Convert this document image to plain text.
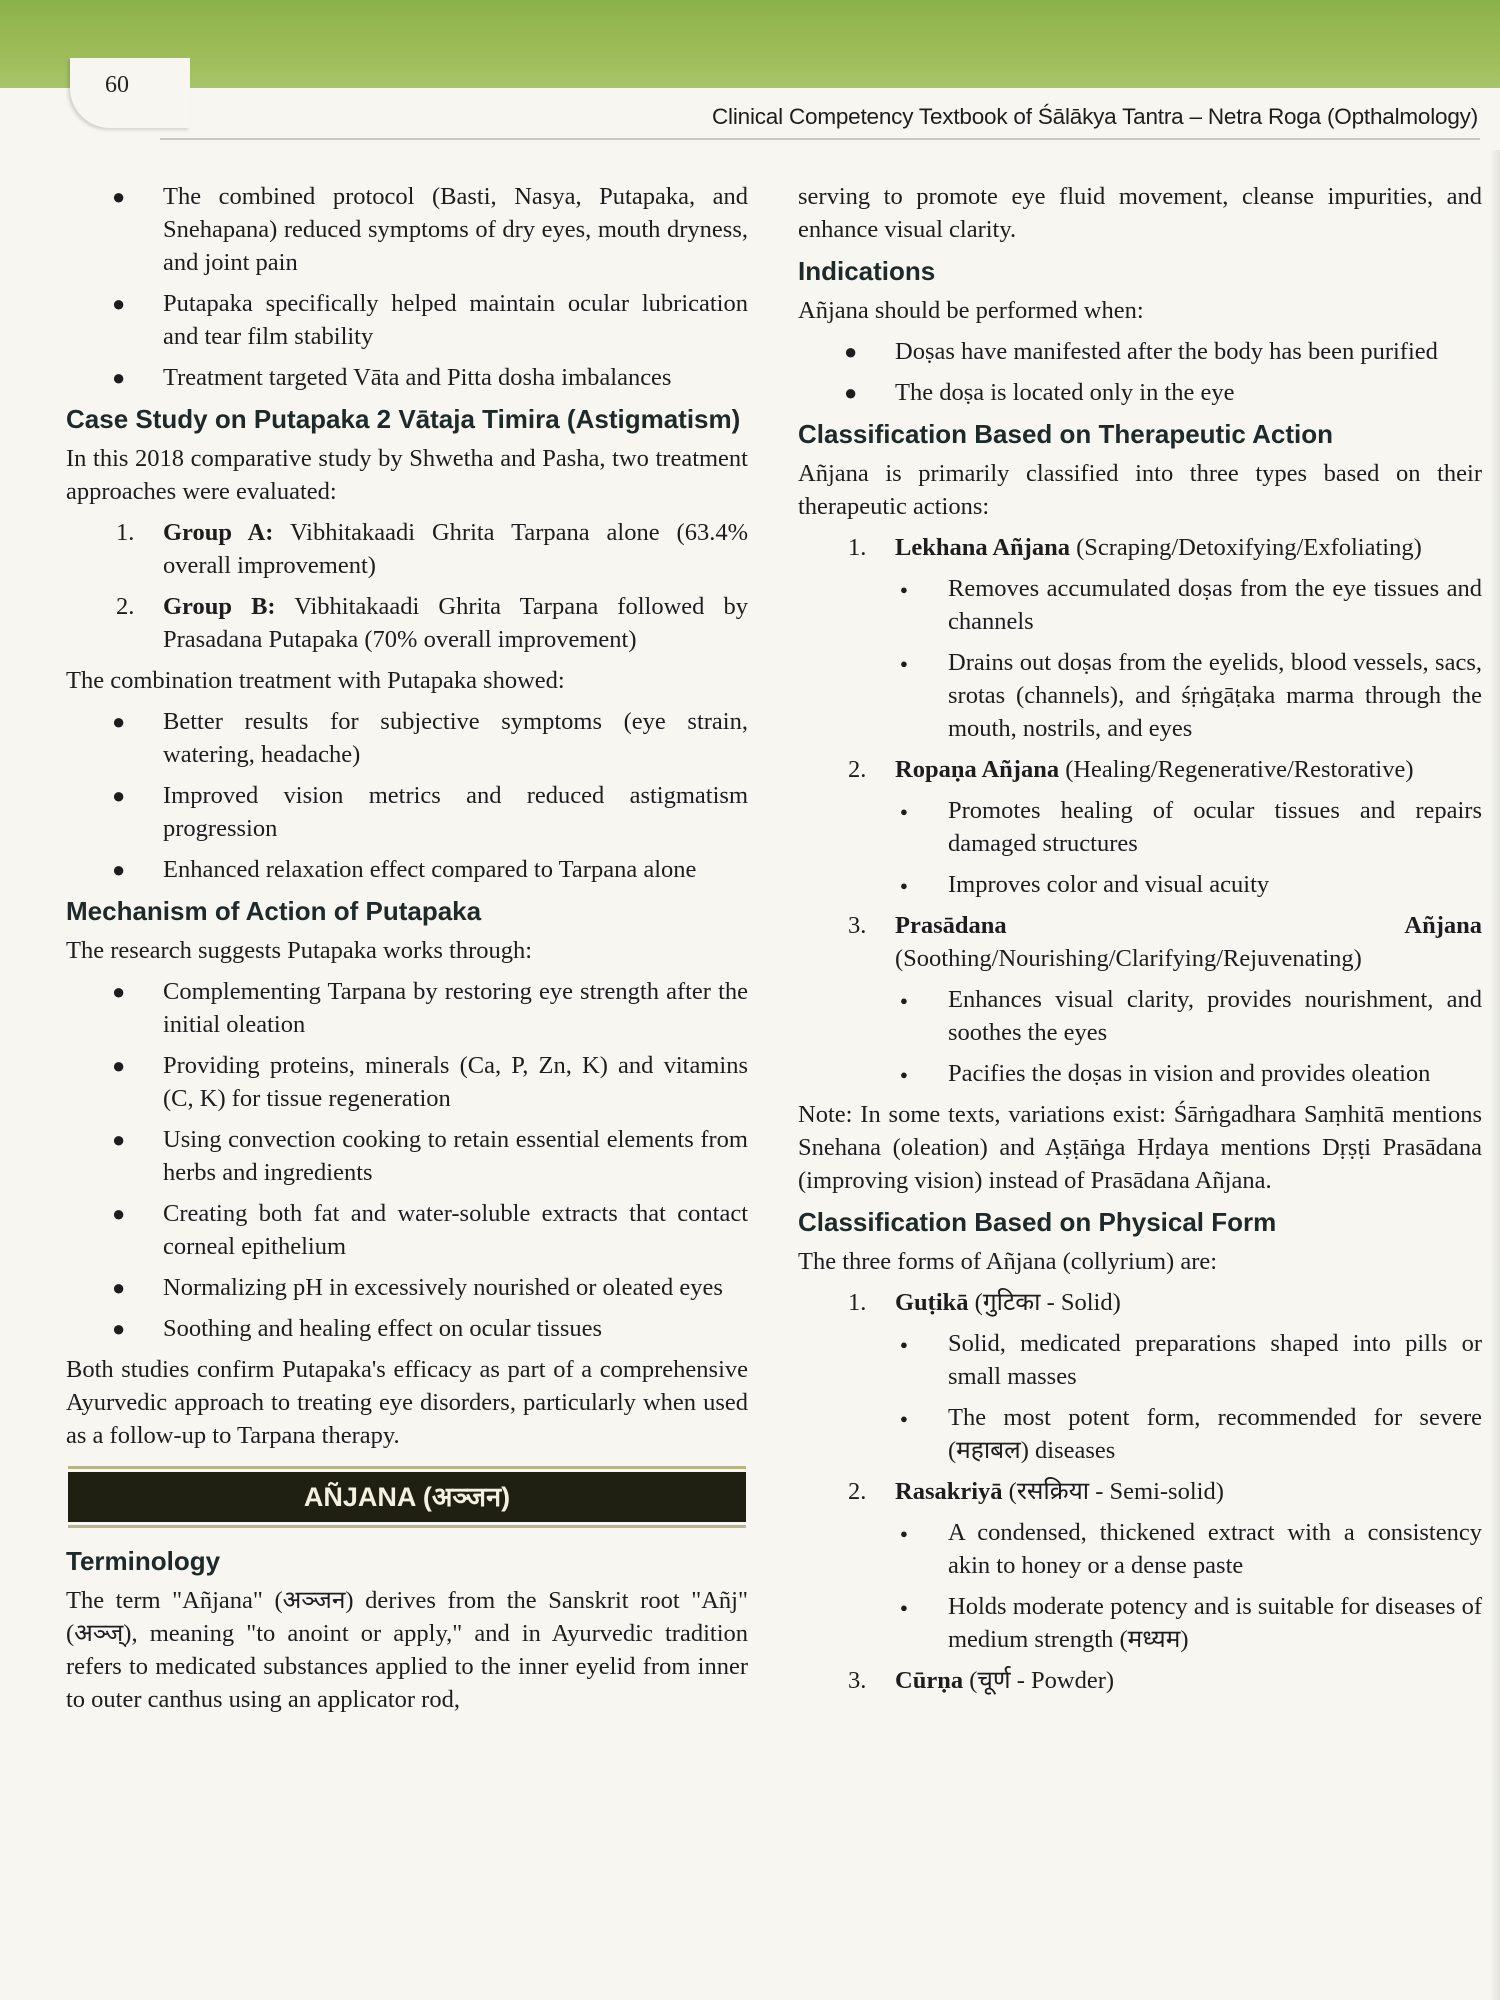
60
Clinical Competency Textbook of Śālākya Tantra – Netra Roga (Opthalmology)
● The combined protocol (Basti, Nasya, Putapaka, and Snehapana) reduced symptoms of dry eyes, mouth dryness, and joint pain
● Putapaka specifically helped maintain ocular lubrication and tear film stability
● Treatment targeted Vāta and Pitta dosha imbalances
Case Study on Putapaka 2 Vātaja Timira (Astigmatism)

In this 2018 comparative study by Shwetha and Pasha, two treatment approaches were evaluated:

1. Group A: Vibhitakaadi Ghrita Tarpana alone (63.4% overall improvement)
2. Group B: Vibhitakaadi Ghrita Tarpana followed by Prasadana Putapaka (70% overall improvement)

The combination treatment with Putapaka showed:

● Better results for subjective symptoms (eye strain, watering, headache)
● Improved vision metrics and reduced astigmatism progression
● Enhanced relaxation effect compared to Tarpana alone
Mechanism of Action of Putapaka

The research suggests Putapaka works through:

● Complementing Tarpana by restoring eye strength after the initial oleation
● Providing proteins, minerals (Ca, P, Zn, K) and vitamins (C, K) for tissue regeneration
● Using convection cooking to retain essential elements from herbs and ingredients
● Creating both fat and water-soluble extracts that contact corneal epithelium
● Normalizing pH in excessively nourished or oleated eyes
● Soothing and healing effect on ocular tissues

Both studies confirm Putapaka's efficacy as part of a comprehensive Ayurvedic approach to treating eye disorders, particularly when used as a follow-up to Tarpana therapy.

AÑJANA (अञ्जन)
Terminology

The term "Añjana" (अञ्जन) derives from the Sanskrit root "Añj" (अञ्ज्), meaning "to anoint or apply," and in Ayurvedic tradition refers to medicated substances applied to the inner eyelid from inner to outer canthus using an applicator rod,

serving to promote eye fluid movement, cleanse impurities, and enhance visual clarity.

Indications

Añjana should be performed when:

● Doṣas have manifested after the body has been purified
● The doṣa is located only in the eye
Classification Based on Therapeutic Action

Añjana is primarily classified into three types based on their therapeutic actions:

1. Lekhana Añjana (Scraping/Detoxifying/Exfoliating)
● Removes accumulated doṣas from the eye tissues and channels
● Drains out doṣas from the eyelids, blood vessels, sacs, srotas (channels), and śṛṅgāṭaka marma through the mouth, nostrils, and eyes
2. Ropaṇa Añjana (Healing/Regenerative/Restorative)
● Promotes healing of ocular tissues and repairs damaged structures
● Improves color and visual acuity
3. Prasādana Añjana (Soothing/Nourishing/Clarifying/Rejuvenating)
● Enhances visual clarity, provides nourishment, and soothes the eyes
● Pacifies the doṣas in vision and provides oleation

Note: In some texts, variations exist: Śārṅgadhara Saṃhitā mentions Snehana (oleation) and Aṣṭāṅga Hṛdaya mentions Dṛṣṭi Prasādana (improving vision) instead of Prasādana Añjana.

Classification Based on Physical Form

The three forms of Añjana (collyrium) are:

1. Guṭikā (गुटिका - Solid)
● Solid, medicated preparations shaped into pills or small masses
● The most potent form, recommended for severe (महाबल) diseases
2. Rasakriyā (रसक्रिया - Semi-solid)
● A condensed, thickened extract with a consistency akin to honey or a dense paste
● Holds moderate potency and is suitable for diseases of medium strength (मध्यम)
3. Cūrṇa (चूर्ण - Powder)
